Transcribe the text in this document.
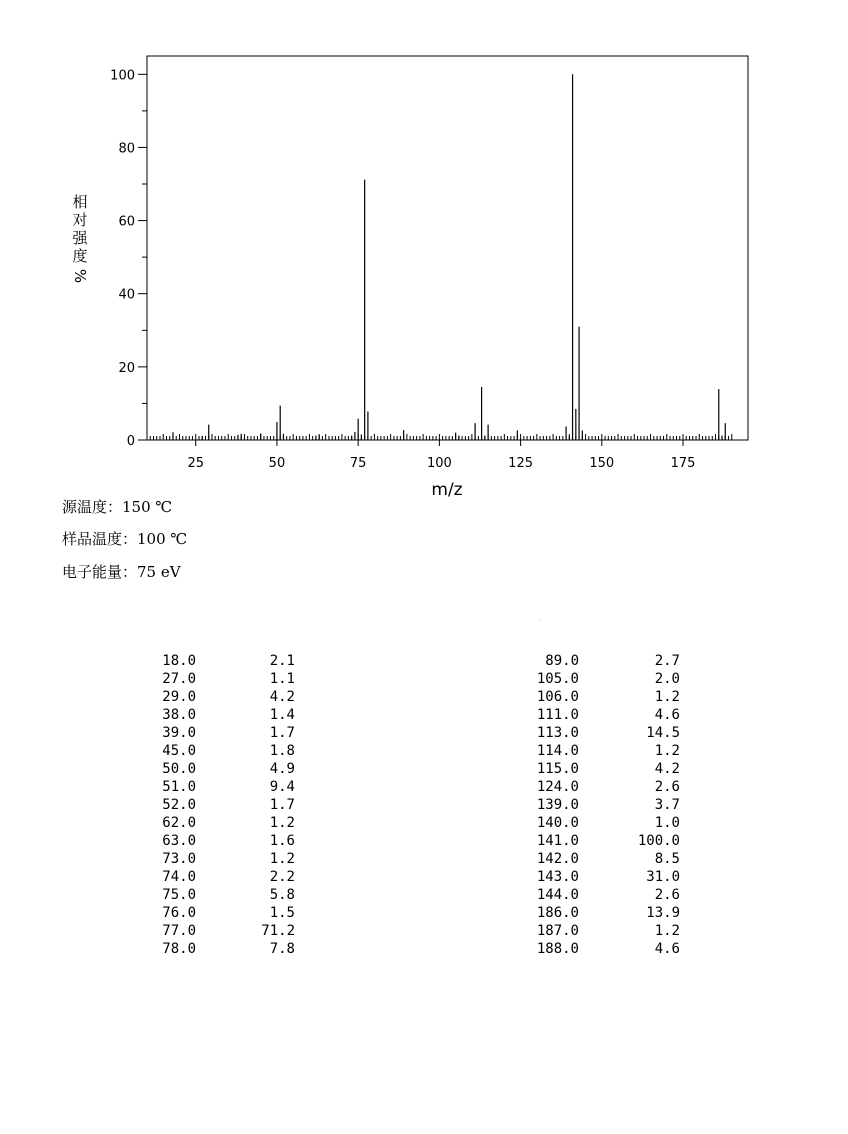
25	50	75	100	125	150	175
0
20
40
60
80
100
m/z
相
对
强
度
%
源温度：150 ℃
样品温度：100 ℃
电子能量：75 eV
18.0	2.1
27.0	1.1
29.0	4.2
38.0	1.4
39.0	1.7
45.0	1.8
50.0	4.9
51.0	9.4
52.0	1.7
62.0	1.2
63.0	1.6
73.0	1.2
74.0	2.2
75.0	5.8
76.0	1.5
77.0	71.2
78.0	7.8
89.0	2.7
105.0	2.0
106.0	1.2
111.0	4.6
113.0	14.5
114.0	1.2
115.0	4.2
124.0	2.6
139.0	3.7
140.0	1.0
141.0	100.0
142.0	8.5
143.0	31.0
144.0	2.6
186.0	13.9
187.0	1.2
188.0	4.6
